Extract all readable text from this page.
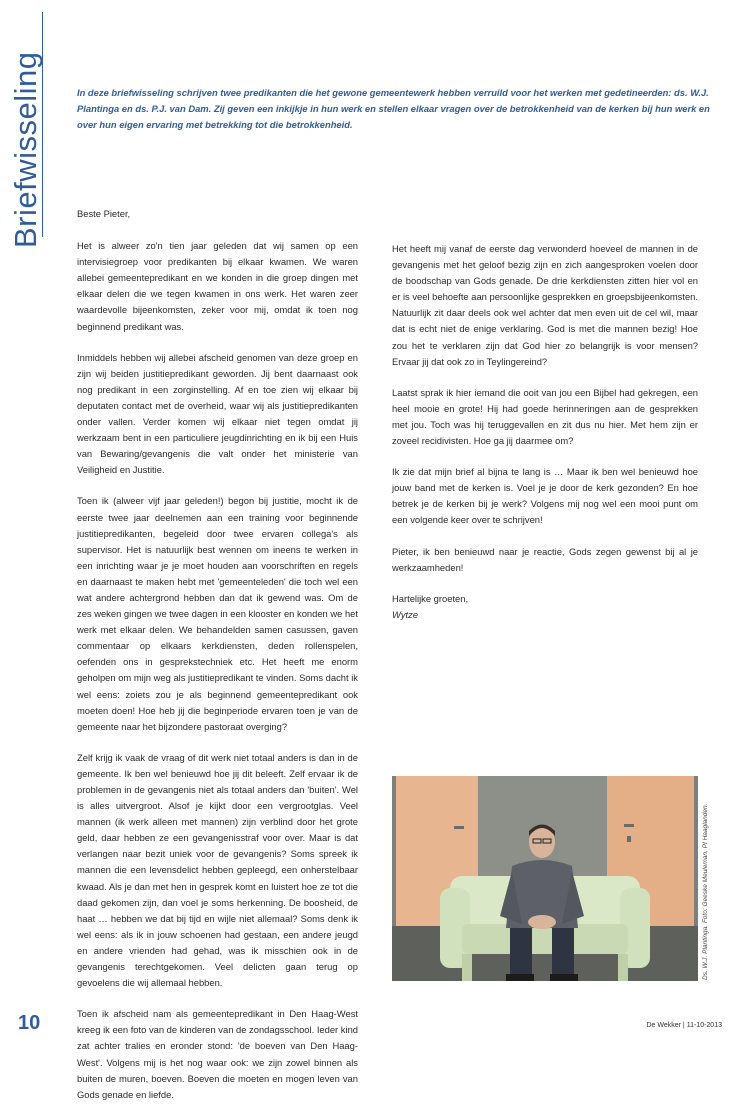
Briefwisseling	In deze briefwisseling schrijven twee predikanten die het gewone gemeentewerk hebben verruild voor het werken met gedetineerden: ds. W.J. Plantinga en ds. P.J. van Dam. Zij geven een inkijkje in hun werk en stellen elkaar vragen over de betrokkenheid van de kerken bij hun werk en over hun eigen ervaring met betrekking tot die betrokkenheid.

Beste Pieter,

Het is alweer zo'n tien jaar geleden dat wij samen op een intervisiegroep voor predikanten bij elkaar kwamen. We waren allebei gemeentepredikant en we konden in die groep dingen met elkaar delen die we tegen kwamen in ons werk. Het waren zeer waardevolle bijeenkomsten, zeker voor mij, omdat ik toen nog beginnend predikant was.

Inmiddels hebben wij allebei afscheid genomen van deze groep en zijn wij beiden justitiepredikant geworden. Jij bent daarnaast ook nog predikant in een zorginstelling. Af en toe zien wij elkaar bij deputaten contact met de overheid, waar wij als justitiepredikanten onder vallen. Verder komen wij elkaar niet tegen omdat jij werkzaam bent in een particuliere jeugdinrichting en ik bij een Huis van Bewaring/gevangenis die valt onder het ministerie van Veiligheid en Justitie.

Toen ik (alweer vijf jaar geleden!) begon bij justitie, mocht ik de eerste twee jaar deelnemen aan een training voor beginnende justitiepredikanten, begeleid door twee ervaren collega's als supervisor. Het is natuurlijk best wennen om ineens te werken in een inrichting waar je je moet houden aan voorschriften en regels en daarnaast te maken hebt met 'gemeenteleden' die toch wel een wat andere achtergrond hebben dan dat ik gewend was. Om de zes weken gingen we twee dagen in een klooster en konden we het werk met elkaar delen. We behandelden samen casussen, gaven commentaar op elkaars kerkdiensten, deden rollenspelen, oefenden ons in gesprekstechniek etc. Het heeft me enorm geholpen om mijn weg als justitiepredikant te vinden. Soms dacht ik wel eens: zoiets zou je als beginnend gemeentepredikant ook moeten doen! Hoe heb jij die beginperiode ervaren toen je van de gemeente naar het bijzondere pastoraat overging?

Zelf krijg ik vaak de vraag of dit werk niet totaal anders is dan in de gemeente. Ik ben wel benieuwd hoe jij dit beleeft. Zelf ervaar ik de problemen in de gevangenis niet als totaal anders dan 'buiten'. Wel is alles uitvergroot. Alsof je kijkt door een vergrootglas. Veel mannen (ik werk alleen met mannen) zijn verblind door het grote geld, daar hebben ze een gevangenisstraf voor over. Maar is dat verlangen naar bezit uniek voor de gevangenis? Soms spreek ik mannen die een levensdelict hebben gepleegd, een onherstelbaar kwaad. Als je dan met hen in gesprek komt en luistert hoe ze tot die daad gekomen zijn, dan voel je soms herkenning. De boosheid, de haat … hebben we dat bij tijd en wijle niet allemaal? Soms denk ik wel eens: als ik in jouw schoenen had gestaan, een andere jeugd en andere vrienden had gehad, was ik misschien ook in de gevangenis terechtgekomen. Veel delicten gaan terug op gevoelens die wij allemaal hebben.

Toen ik afscheid nam als gemeentepredikant in Den Haag-West kreeg ik een foto van de kinderen van de zondagsschool. Ieder kind zat achter tralies en eronder stond: 'de boeven van Den Haag-West'. Volgens mij is het nog waar ook: we zijn zowel binnen als buiten de muren, boeven. Boeven die moeten en mogen leven van Gods genade en liefde.

Het heeft mij vanaf de eerste dag verwonderd hoeveel de mannen in de gevangenis met het geloof bezig zijn en zich aangesproken voelen door de boodschap van Gods genade. De drie kerkdiensten zitten hier vol en er is veel behoefte aan persoonlijke gesprekken en groepsbijeenkomsten. Natuurlijk zit daar deels ook wel achter dat men even uit de cel wil, maar dat is echt niet de enige verklaring. God is met die mannen bezig! Hoe zou het te verklaren zijn dat God hier zo belangrijk is voor mensen? Ervaar jij dat ook zo in Teylingereind?

Laatst sprak ik hier iemand die ooit van jou een Bijbel had gekregen, een heel mooie en grote! Hij had goede herinneringen aan de gesprekken met jou. Toch was hij teruggevallen en zit dus nu hier. Met hem zijn er zoveel recidivisten. Hoe ga jij daarmee om?

Ik zie dat mijn brief al bijna te lang is … Maar ik ben wel benieuwd hoe jouw band met de kerken is. Voel je je door de kerk gezonden? En hoe betrek je de kerken bij je werk? Volgens mij nog wel een mooi punt om een volgende keer over te schrijven!

Pieter, ik ben benieuwd naar je reactie, Gods zegen gewenst bij al je werkzaamheden!

Hartelijke groeten,

Wytze

Ds. W.J. Plantinga. Foto: Geeske Meuleman, PI Haaglanden.
10	De Wekker | 11-10-2013
